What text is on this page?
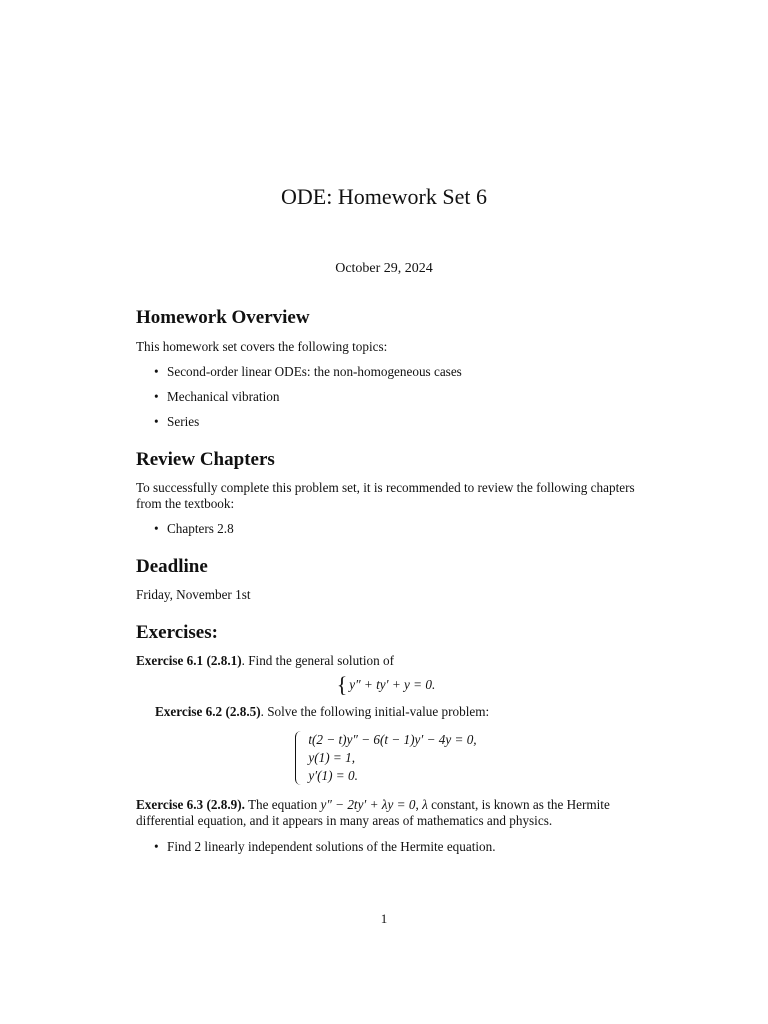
ODE: Homework Set 6
October 29, 2024
Homework Overview

This homework set covers the following topics:

• Second-order linear ODEs: the non-homogeneous cases
• Mechanical vibration
• Series
Review Chapters

To successfully complete this problem set, it is recommended to review the following chapters from the textbook:

• Chapters 2.8
Deadline

Friday, November 1st

Exercises:

Exercise 6.1 (2.8.1). Find the general solution of

{ y″ + ty′ + y = 0.

Exercise 6.2 (2.8.5). Solve the following initial-value problem:

t(2 − t)y″ − 6(t − 1)y′ − 4y = 0,
y(1) = 1,
y′(1) = 0.

Exercise 6.3 (2.8.9). The equation y″ − 2ty′ + λy = 0, λ constant, is known as the Hermite differential equation, and it appears in many areas of mathematics and physics.

• Find 2 linearly independent solutions of the Hermite equation.
1
